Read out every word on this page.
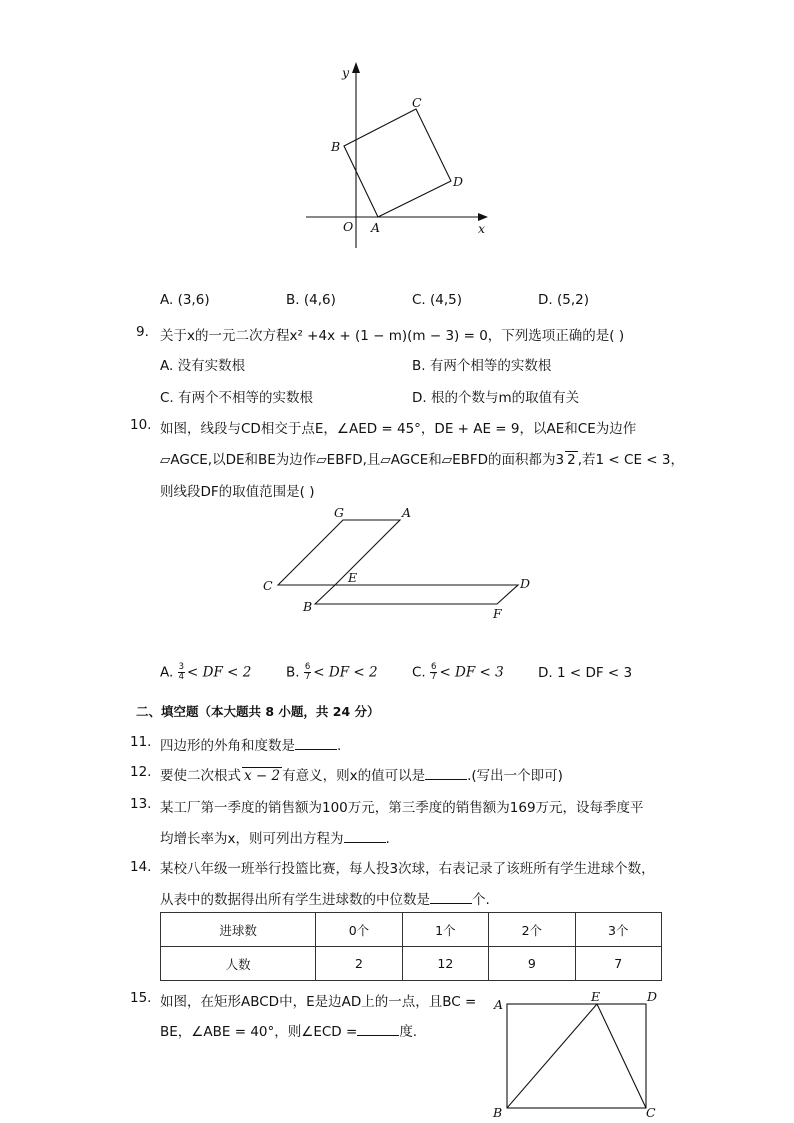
y
x
O A
B
C
D
A. (3,6)	B. (4,6)	C. (4,5)	D. (5,2)
9. 关于x的一元二次方程x² +4x + (1 − m)(m − 3) = 0，下列选项正确的是( )
A. 没有实数根	B. 有两个相等的实数根
C. 有两个不相等的实数根	D. 根的个数与m的取值有关
10. 如图，线段与CD相交于点E，∠AED = 45°，DE + AE = 9，以AE和CE为边作
▱AGCE,以DE和BE为边作▱EBFD,且▱AGCE和▱EBFD的面积都为3 2 ,若1 < CE < 3，
则线段DF的取值范围是( )
G	A
C
E	D
B	F
A. $\frac{3}{4}$ < DF < 2	B. $\frac{6}{7}$ < DF < 2	C. $\frac{6}{7}$ < DF < 3	D. 1 < DF < 3
二、填空题（本大题共 8 小题，共 24 分）
11. 四边形的外角和度数是	.
12. 要使二次根式 x − 2 有意义，则x的值可以是	.(写出一个即可)
13. 某工厂第一季度的销售额为100万元，第三季度的销售额为169万元，设每季度平
均增长率为x，则可列出方程为	.
14. 某校八年级一班举行投篮比赛，每人投3次球，右表记录了该班所有学生进球个数，
从表中的数据得出所有学生进球数的中位数是	个.
进球数	0个	1个	2个	3个
人数	2	12	9	7
15. 如图，在矩形ABCD中，E是边AD上的一点，且BC =
BE，∠ABE = 40°，则∠ECD =	度.
A
E	D
B	C
